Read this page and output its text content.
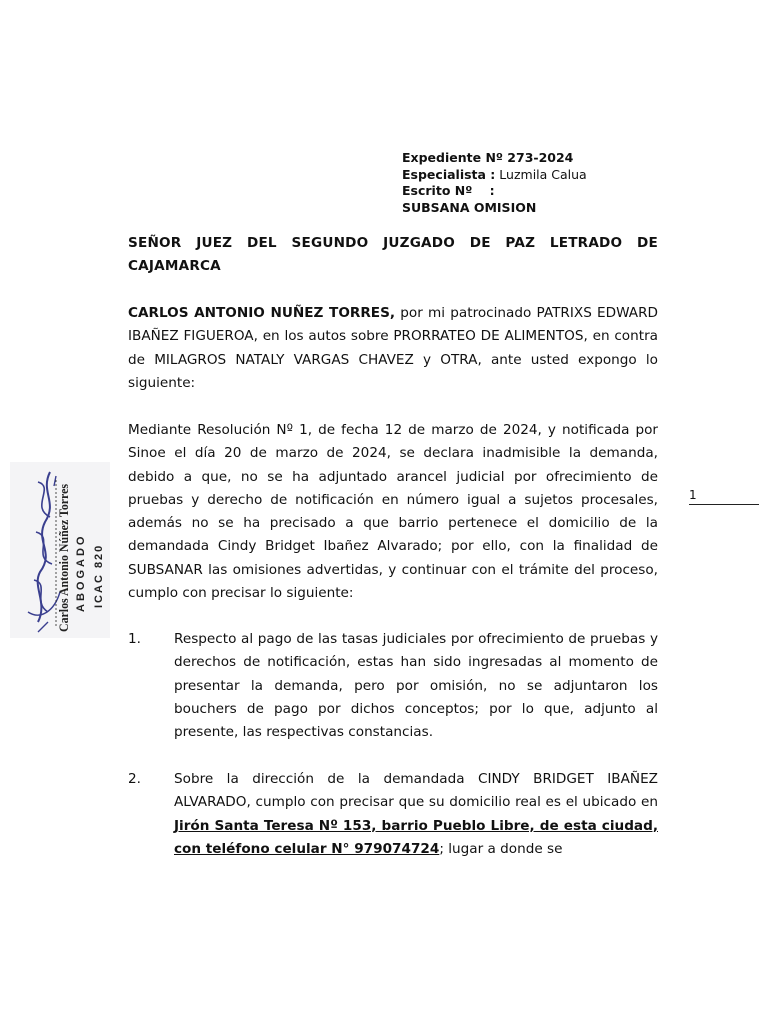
Expediente Nº 273-2024
Especialista : Luzmila Calua
Escrito Nº    :
SUBSANA OMISION
SEÑOR JUEZ DEL SEGUNDO JUZGADO DE PAZ LETRADO DE CAJAMARCA
CARLOS ANTONIO NUÑEZ TORRES, por mi patrocinado PATRIXS EDWARD IBAÑEZ FIGUEROA, en los autos sobre PRORRATEO DE ALIMENTOS, en contra de MILAGROS NATALY VARGAS CHAVEZ y OTRA, ante usted expongo lo siguiente:
Mediante Resolución Nº 1, de fecha 12 de marzo de 2024, y notificada por Sinoe el día 20 de marzo de 2024, se declara inadmisible la demanda, debido a que, no se ha adjuntado arancel judicial por ofrecimiento de pruebas y derecho de notificación en número igual a sujetos procesales, además no se ha precisado a que barrio pertenece el domicilio de la demandada Cindy Bridget Ibañez Alvarado; por ello, con la finalidad de SUBSANAR las omisiones advertidas, y continuar con el trámite del proceso, cumplo con precisar lo siguiente:
1. Respecto al pago de las tasas judiciales por ofrecimiento de pruebas y derechos de notificación, estas han sido ingresadas al momento de presentar la demanda, pero por omisión, no se adjuntaron los bouchers de pago por dichos conceptos; por lo que, adjunto al presente, las respectivas constancias.
2. Sobre la dirección de la demandada CINDY BRIDGET IBAÑEZ ALVARADO, cumplo con precisar que su domicilio real es el ubicado en Jirón Santa Teresa Nº 153, barrio Pueblo Libre, de esta ciudad, con teléfono celular N° 979074724; lugar a donde se
Carlos Antonio Núñez Torres ABOGADO ICAC 820
1
